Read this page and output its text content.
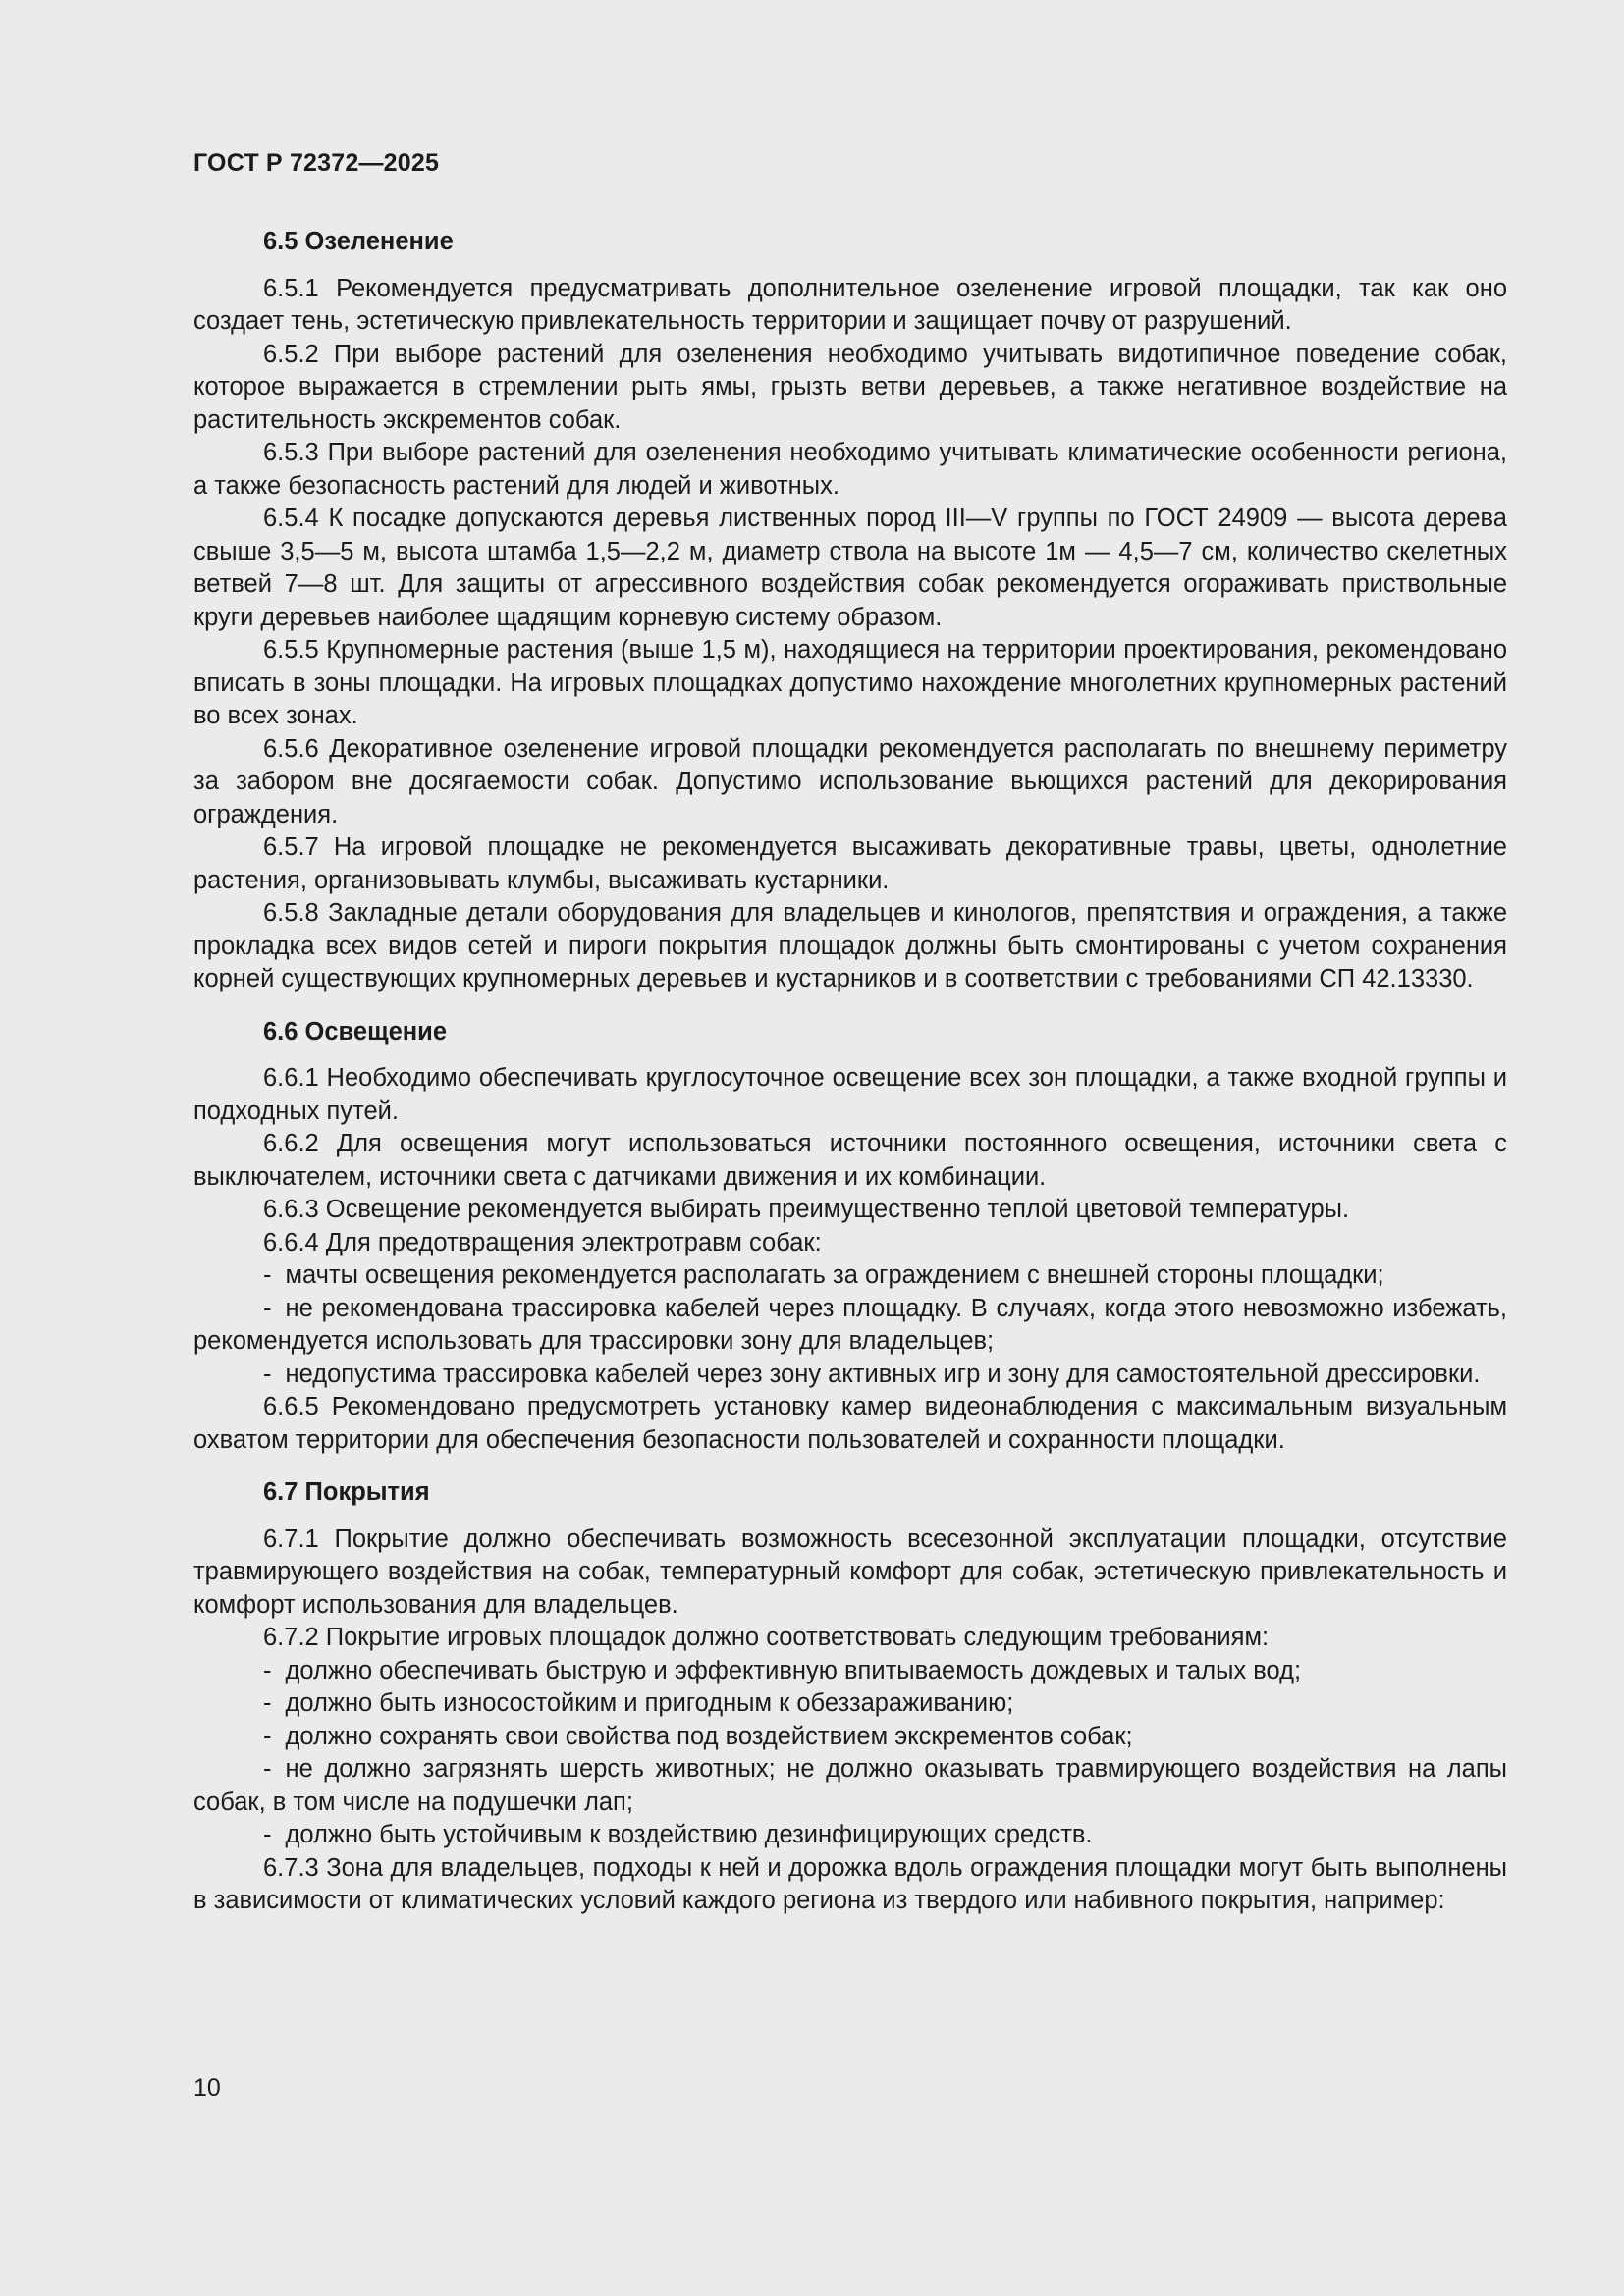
ГОСТ Р 72372—2025
6.5 Озеленение

6.5.1 Рекомендуется предусматривать дополнительное озеленение игровой площадки, так как оно создает тень, эстетическую привлекательность территории и защищает почву от разрушений.

6.5.2 При выборе растений для озеленения необходимо учитывать видотипичное поведение собак, которое выражается в стремлении рыть ямы, грызть ветви деревьев, а также негативное воздействие на растительность экскрементов собак.

6.5.3 При выборе растений для озеленения необходимо учитывать климатические особенности региона, а также безопасность растений для людей и животных.

6.5.4 К посадке допускаются деревья лиственных пород III—V группы по ГОСТ 24909 — высота дерева свыше 3,5—5 м, высота штамба 1,5—2,2 м, диаметр ствола на высоте 1м — 4,5—7 см, количество скелетных ветвей 7—8 шт. Для защиты от агрессивного воздействия собак рекомендуется огораживать приствольные круги деревьев наиболее щадящим корневую систему образом.

6.5.5 Крупномерные растения (выше 1,5 м), находящиеся на территории проектирования, рекомендовано вписать в зоны площадки. На игровых площадках допустимо нахождение многолетних крупномерных растений во всех зонах.

6.5.6 Декоративное озеленение игровой площадки рекомендуется располагать по внешнему периметру за забором вне досягаемости собак. Допустимо использование вьющихся растений для декорирования ограждения.

6.5.7 На игровой площадке не рекомендуется высаживать декоративные травы, цветы, однолетние растения, организовывать клумбы, высаживать кустарники.

6.5.8 Закладные детали оборудования для владельцев и кинологов, препятствия и ограждения, а также прокладка всех видов сетей и пироги покрытия площадок должны быть смонтированы с учетом сохранения корней существующих крупномерных деревьев и кустарников и в соответствии с требованиями СП 42.13330.

6.6 Освещение

6.6.1 Необходимо обеспечивать круглосуточное освещение всех зон площадки, а также входной группы и подходных путей.

6.6.2 Для освещения могут использоваться источники постоянного освещения, источники света с выключателем, источники света с датчиками движения и их комбинации.

6.6.3 Освещение рекомендуется выбирать преимущественно теплой цветовой температуры.

6.6.4 Для предотвращения электротравм собак:

- мачты освещения рекомендуется располагать за ограждением с внешней стороны площадки;

- не рекомендована трассировка кабелей через площадку. В случаях, когда этого невозможно избежать, рекомендуется использовать для трассировки зону для владельцев;

- недопустима трассировка кабелей через зону активных игр и зону для самостоятельной дрессировки.

6.6.5 Рекомендовано предусмотреть установку камер видеонаблюдения с максимальным визуальным охватом территории для обеспечения безопасности пользователей и сохранности площадки.

6.7 Покрытия

6.7.1 Покрытие должно обеспечивать возможность всесезонной эксплуатации площадки, отсутствие травмирующего воздействия на собак, температурный комфорт для собак, эстетическую привлекательность и комфорт использования для владельцев.

6.7.2 Покрытие игровых площадок должно соответствовать следующим требованиям:

- должно обеспечивать быструю и эффективную впитываемость дождевых и талых вод;

- должно быть износостойким и пригодным к обеззараживанию;

- должно сохранять свои свойства под воздействием экскрементов собак;

- не должно загрязнять шерсть животных; не должно оказывать травмирующего воздействия на лапы собак, в том числе на подушечки лап;

- должно быть устойчивым к воздействию дезинфицирующих средств.

6.7.3 Зона для владельцев, подходы к ней и дорожка вдоль ограждения площадки могут быть выполнены в зависимости от климатических условий каждого региона из твердого или набивного покрытия, например:

10
